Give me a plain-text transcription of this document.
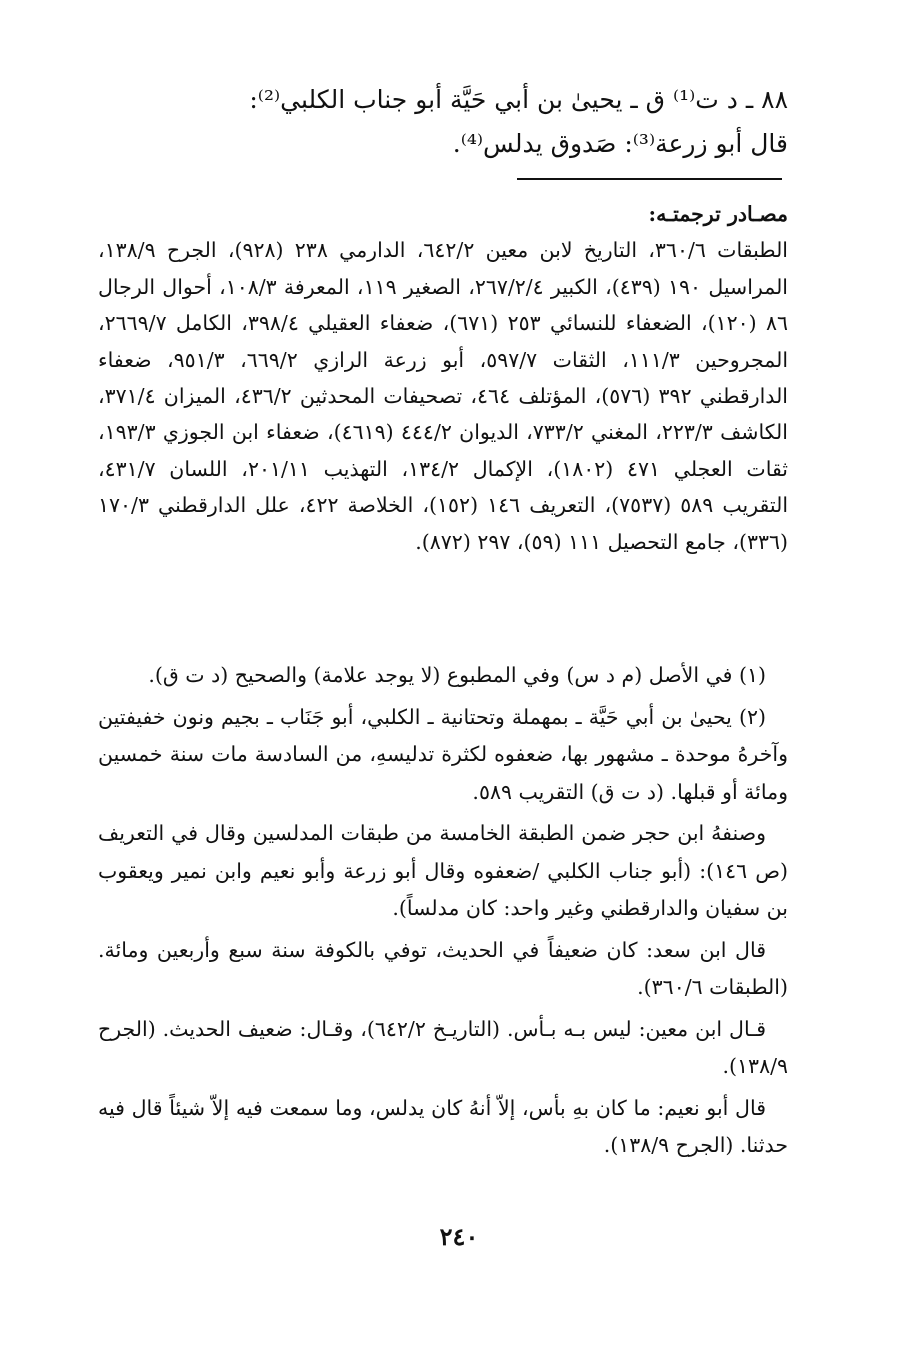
٨٨ ـ د ت⁽¹⁾ ق ـ يحيىٰ بن أبي حَيَّة أبو جناب الكلبي⁽²⁾:

قال أبو زرعة⁽³⁾: صَدوق يدلس⁽⁴⁾.

مصـادر ترجمتـه:

الطبقات ٣٦٠/٦، التاريخ لابن معين ٦٤٢/٢، الدارمي ٢٣٨ (٩٢٨)، الجرح ١٣٨/٩، المراسيل ١٩٠ (٤٣٩)، الكبير ٢٦٧/٢/٤، الصغير ١١٩، المعرفة ١٠٨/٣، أحوال الرجال ٨٦ (١٢٠)، الضعفاء للنسائي ٢٥٣ (٦٧١)، ضعفاء العقيلي ٣٩٨/٤، الكامل ٢٦٦٩/٧، المجروحين ١١١/٣، الثقات ٥٩٧/٧، أبو زرعة الرازي ٦٦٩/٢، ٩٥١/٣، ضعفاء الدارقطني ٣٩٢ (٥٧٦)، المؤتلف ٤٦٤، تصحيفات المحدثين ٤٣٦/٢، الميزان ٣٧١/٤، الكاشف ٢٢٣/٣، المغني ٧٣٣/٢، الديوان ٤٤٤/٢ (٤٦١٩)، ضعفاء ابن الجوزي ١٩٣/٣، ثقات العجلي ٤٧١ (١٨٠٢)، الإكمال ١٣٤/٢، التهذيب ٢٠١/١١، اللسان ٤٣١/٧، التقريب ٥٨٩ (٧٥٣٧)، التعريف ١٤٦ (١٥٢)، الخلاصة ٤٢٢، علل الدارقطني ١٧٠/٣ (٣٣٦)، جامع التحصيل ١١١ (٥٩)، ٢٩٧ (٨٧٢).

(١) في الأصل (م د س) وفي المطبوع (لا يوجد علامة) والصحيح (د ت ق).

(٢) يحيىٰ بن أبي حَيَّة ـ بمهملة وتحتانية ـ الكلبي، أبو جَنَاب ـ بجيم ونون خفيفتين وآخرهُ موحدة ـ مشهور بها، ضعفوه لكثرة تدليسهِ، من السادسة مات سنة خمسين ومائة أو قبلها. (د ت ق) التقريب ٥٨٩.

وصنفهُ ابن حجر ضمن الطبقة الخامسة من طبقات المدلسين وقال في التعريف (ص ١٤٦): (أبو جناب الكلبي /ضعفوه وقال أبو زرعة وأبو نعيم وابن نمير ويعقوب بن سفيان والدارقطني وغير واحد: كان مدلساً).

قال ابن سعد: كان ضعيفاً في الحديث، توفي بالكوفة سنة سبع وأربعين ومائة. (الطبقات ٣٦٠/٦).

قـال ابن معين: ليس بـه بـأس. (التاريـخ ٦٤٢/٢)، وقـال: ضعيف الحديث. (الجرح ١٣٨/٩).

قال أبو نعيم: ما كان بهِ بأس، إلاّ أنهُ كان يدلس، وما سمعت فيه إلاّ شيئاً قال فيه حدثنا. (الجرح ١٣٨/٩).

٢٤٠
